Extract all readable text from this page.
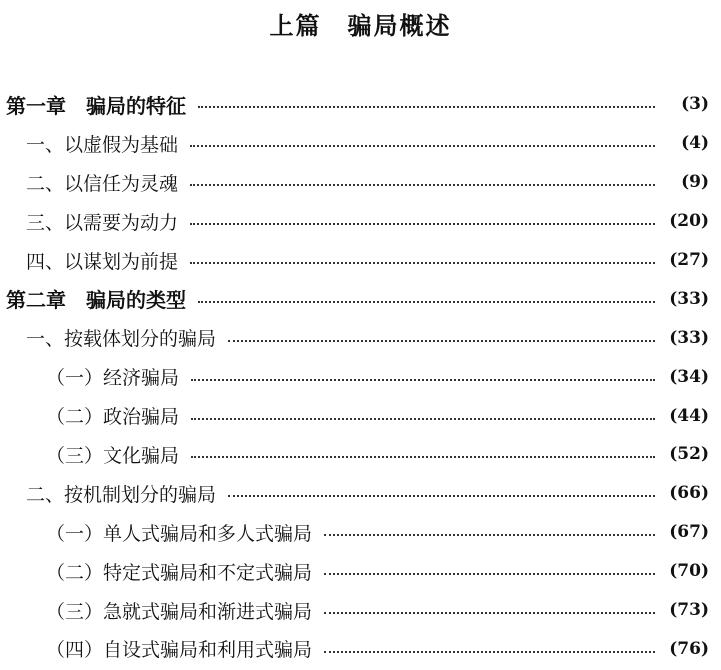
上篇　骗局概述
第一章　骗局的特征	(3)
一、以虚假为基础	(4)
二、以信任为灵魂	(9)
三、以需要为动力	(20)
四、以谋划为前提	(27)
第二章　骗局的类型	(33)
一、按载体划分的骗局	(33)
（一）经济骗局	(34)
（二）政治骗局	(44)
（三）文化骗局	(52)
二、按机制划分的骗局	(66)
（一）单人式骗局和多人式骗局	(67)
（二）特定式骗局和不定式骗局	(70)
（三）急就式骗局和渐进式骗局	(73)
（四）自设式骗局和利用式骗局	(76)
